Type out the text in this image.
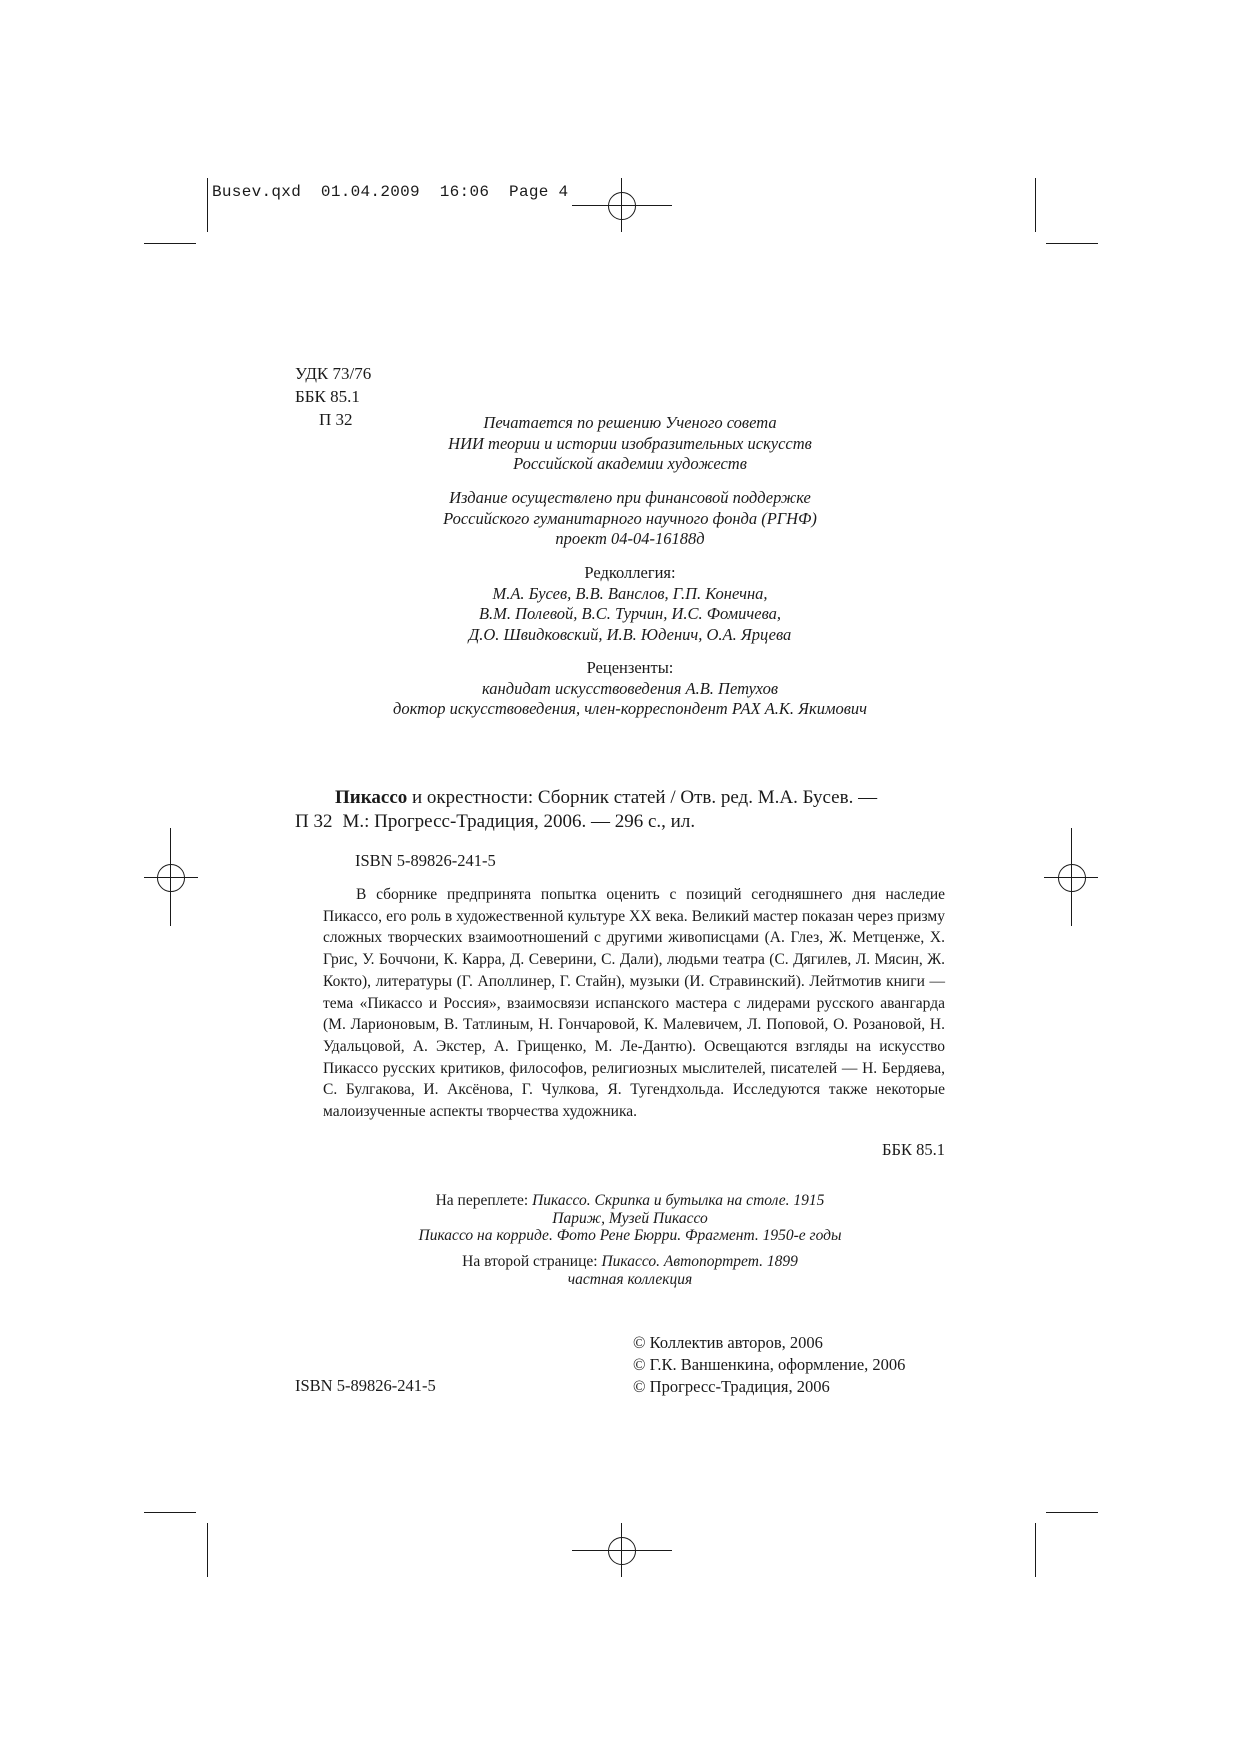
Busev.qxd  01.04.2009  16:06  Page 4
УДК 73/76
ББК 85.1
П 32	Печатается по решению Ученого совета
НИИ теории и истории изобразительных искусств
Российской академии художеств
Издание осуществлено при финансовой поддержке
Российского гуманитарного научного фонда (РГНФ)
проект 04-04-16188д
Редколлегия:
М.А. Бусев, В.В. Ванслов, Г.П. Конечна,
В.М. Полевой, В.С. Турчин, И.С. Фомичева,
Д.О. Швидковский, И.В. Юденич, О.А. Ярцева
Рецензенты:
кандидат искусствоведения А.В. Петухов
доктор искусствоведения, член-корреспондент РАХ А.К. Якимович
Пикассо и окрестности: Сборник статей / Отв. ред. М.А. Бусев. —
П 32 М.: Прогресс-Традиция, 2006. — 296 с., ил.
ISBN 5-89826-241-5
В сборнике предпринята попытка оценить с позиций сегодняшнего дня наследие Пикассо, его роль в художественной культуре XX века. Великий мастер показан через призму сложных творческих взаимоотношений с другими живописцами (А. Глез, Ж. Метценже, Х. Грис, У. Боччони, К. Карра, Д. Северини, С. Дали), людьми театра (С. Дягилев, Л. Мясин, Ж. Кокто), литературы (Г. Аполлинер, Г. Стайн), музыки (И. Стравинский). Лейтмотив книги — тема «Пикассо и Россия», взаимосвязи испанского мастера с лидерами русского авангарда (М. Ларионовым, В. Татлиным, Н. Гончаровой, К. Малевичем, Л. Поповой, О. Розановой, Н. Удальцовой, А. Экстер, А. Грищенко, М. Ле-Дантю). Освещаются взгляды на искусство Пикассо русских критиков, философов, религиозных мыслителей, писателей — Н. Бердяева, С. Булгакова, И. Аксёнова, Г. Чулкова, Я. Тугендхольда. Исследуются также некоторые малоизученные аспекты творчества художника.
ББК 85.1
На переплете: Пикассо. Скрипка и бутылка на столе. 1915
Париж, Музей Пикассо
Пикассо на корриде. Фото Рене Бюрри. Фрагмент. 1950-е годы
На второй странице: Пикассо. Автопортрет. 1899
частная коллекция
© Коллектив авторов, 2006
© Г.К. Ваншенкина, оформление, 2006
© Прогресс-Традиция, 2006
ISBN 5-89826-241-5
